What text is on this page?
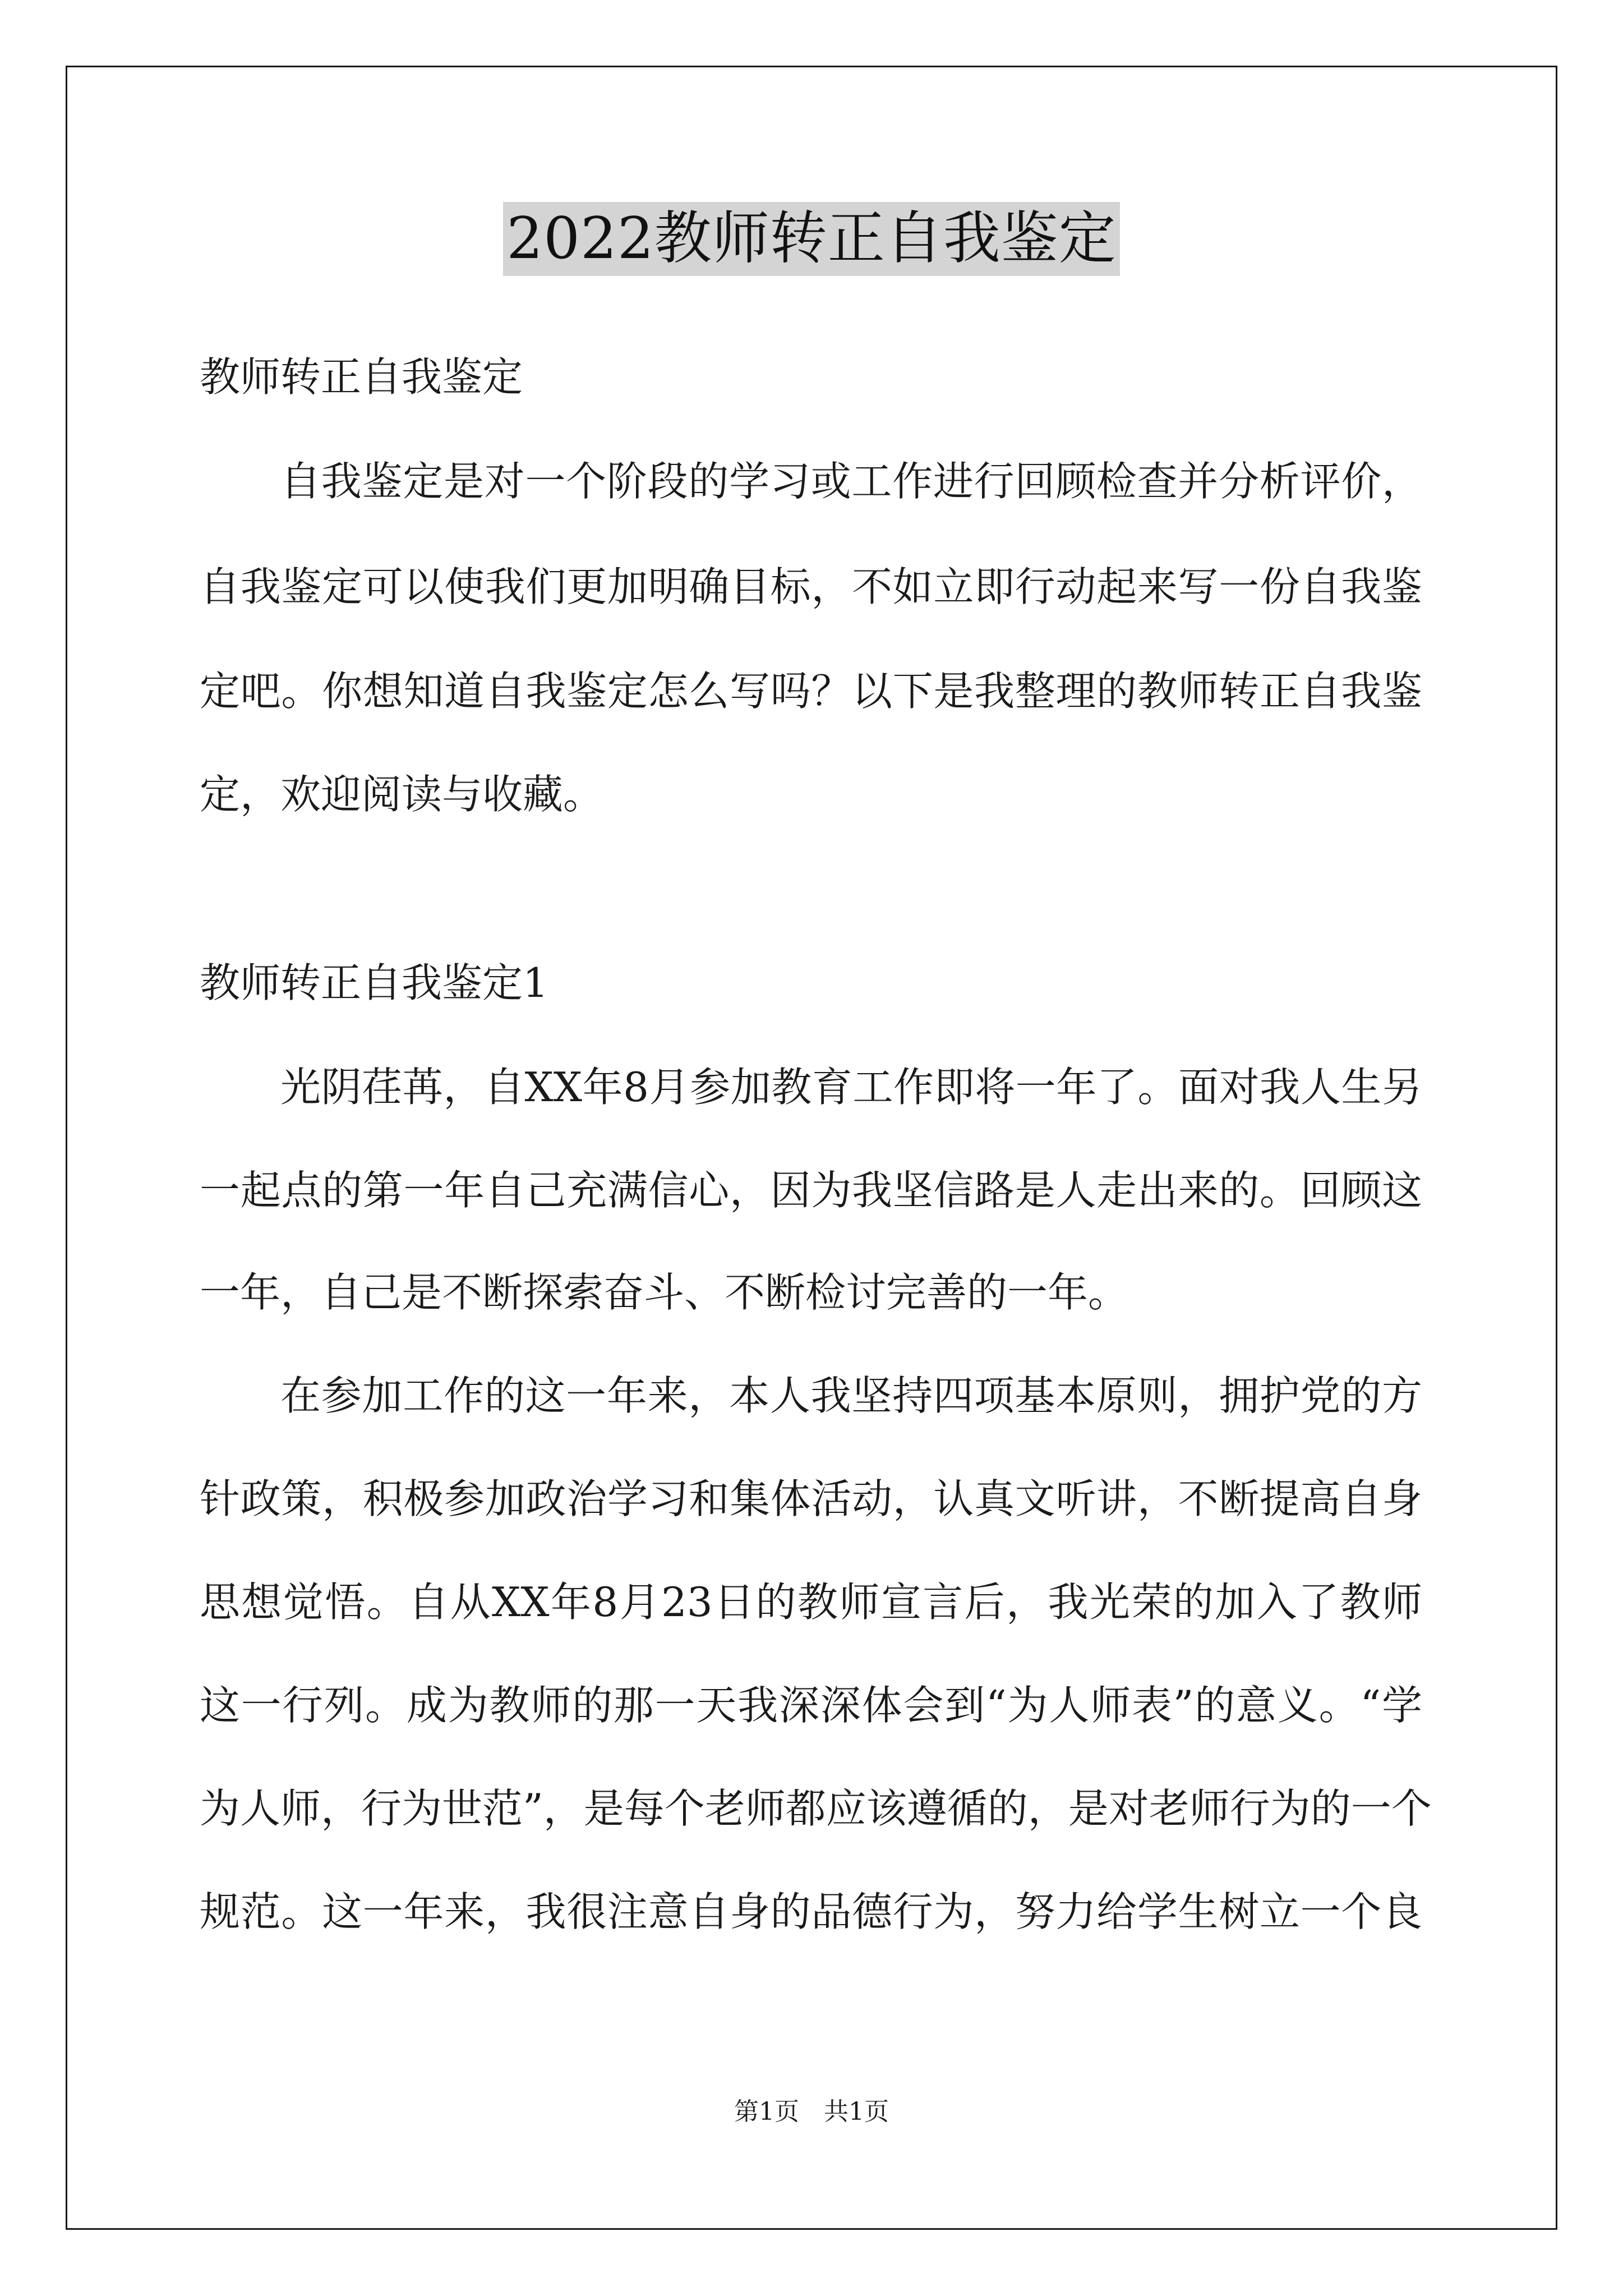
2022教师转正自我鉴定

教师转正自我鉴定

自我鉴定是对一个阶段的学习或工作进行回顾检查并分析评价，

自我鉴定可以使我们更加明确目标，不如立即行动起来写一份自我鉴

定吧。你想知道自我鉴定怎么写吗？以下是我整理的教师转正自我鉴

定，欢迎阅读与收藏。

教师转正自我鉴定1

光阴荏苒，自XX年8月参加教育工作即将一年了。面对我人生另

一起点的第一年自己充满信心，因为我坚信路是人走出来的。回顾这

一年，自己是不断探索奋斗、不断检讨完善的一年。

在参加工作的这一年来，本人我坚持四项基本原则，拥护党的方

针政策，积极参加政治学习和集体活动，认真文听讲，不断提高自身

思想觉悟。自从XX年8月23日的教师宣言后，我光荣的加入了教师

这一行列。成为教师的那一天我深深体会到“为人师表”的意义。“学

为人师，行为世范”，是每个老师都应该遵循的，是对老师行为的一个

规范。这一年来，我很注意自身的品德行为，努力给学生树立一个良

第1页　共1页
